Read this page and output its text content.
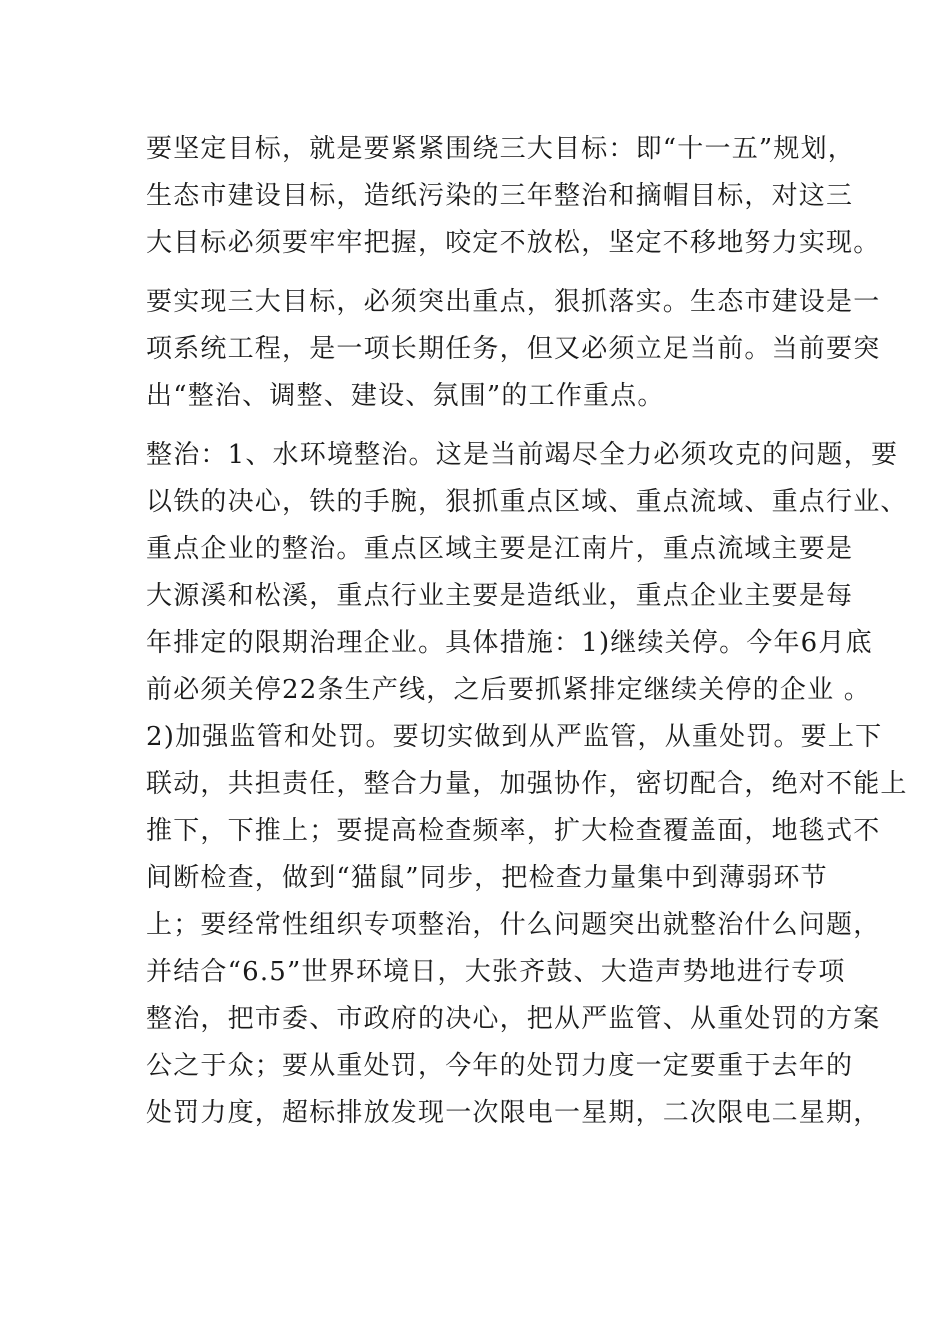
要坚定目标，就是要紧紧围绕三大目标：即“十一五”规划，
生态市建设目标，造纸污染的三年整治和摘帽目标，对这三
大目标必须要牢牢把握，咬定不放松，坚定不移地努力实现。
要实现三大目标，必须突出重点，狠抓落实。生态市建设是一
项系统工程，是一项长期任务，但又必须立足当前。当前要突
出“整治、调整、建设、氛围”的工作重点。
整治：1、水环境整治。这是当前竭尽全力必须攻克的问题，要
以铁的决心，铁的手腕，狠抓重点区域、重点流域、重点行业、
重点企业的整治。重点区域主要是江南片，重点流域主要是
大源溪和松溪，重点行业主要是造纸业，重点企业主要是每
年排定的限期治理企业。具体措施：1)继续关停。今年6月底
前必须关停22条生产线，之后要抓紧排定继续关停的企业 。
2)加强监管和处罚。要切实做到从严监管，从重处罚。要上下
联动，共担责任，整合力量，加强协作，密切配合，绝对不能上
推下，下推上；要提高检查频率，扩大检查覆盖面，地毯式不
间断检查，做到“猫鼠”同步，把检查力量集中到薄弱环节
上；要经常性组织专项整治，什么问题突出就整治什么问题，
并结合“6.5”世界环境日，大张齐鼓、大造声势地进行专项
整治，把市委、市政府的决心，把从严监管、从重处罚的方案
公之于众；要从重处罚，今年的处罚力度一定要重于去年的
处罚力度，超标排放发现一次限电一星期，二次限电二星期，
